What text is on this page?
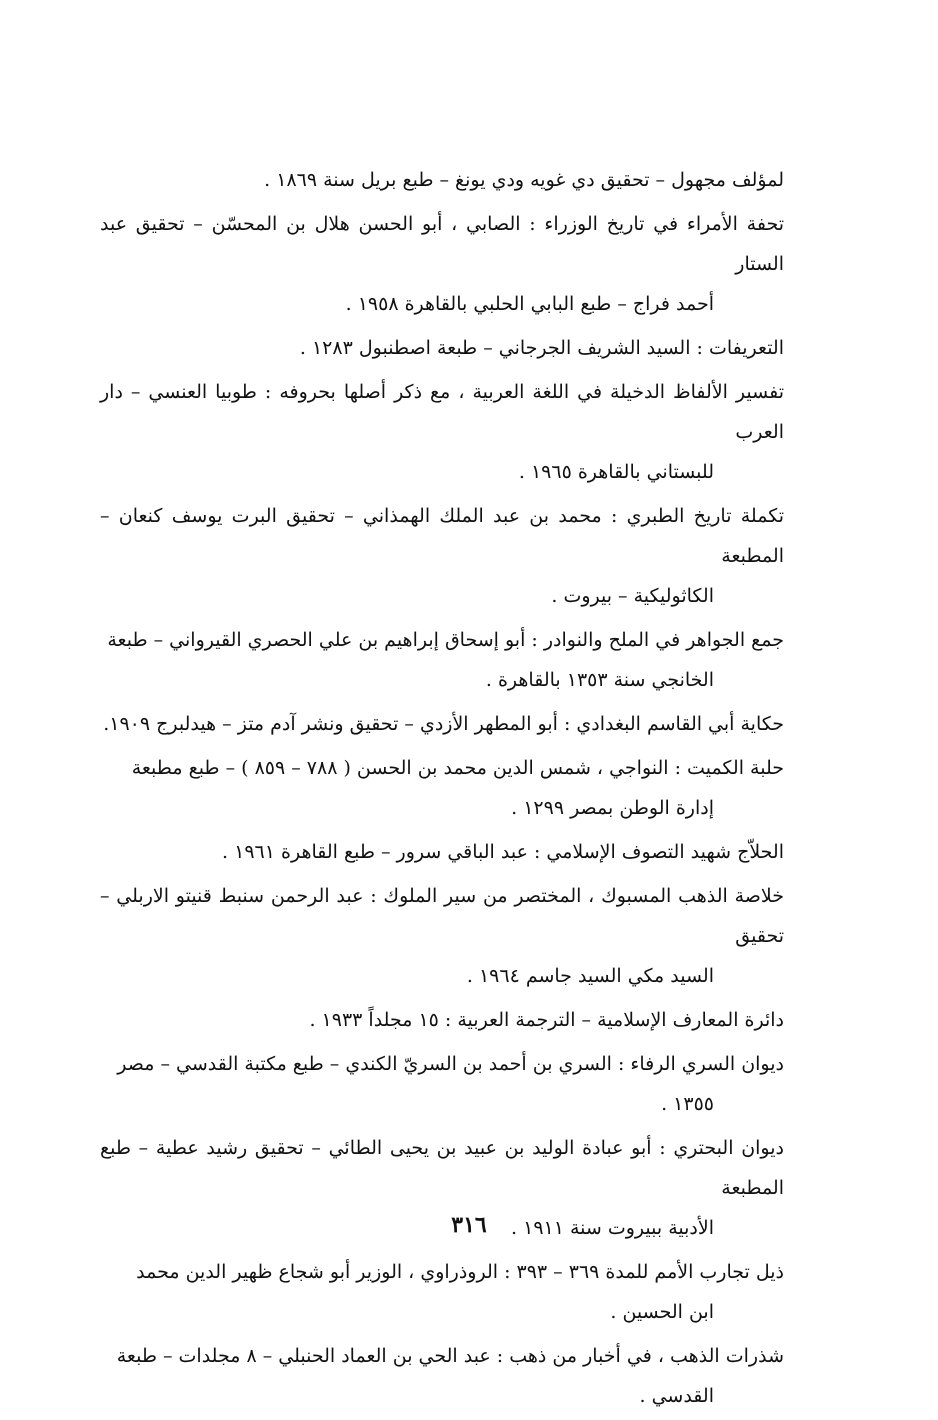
لمؤلف مجهول – تحقيق دي غويه ودي يونغ – طبع بريل سنة ١٨٦٩ .
تحفة الأمراء في تاريخ الوزراء : الصابي ، أبو الحسن هلال بن المحسّن – تحقيق عبد الستار
أحمد فراج – طبع البابي الحلبي بالقاهرة ١٩٥٨ .
التعريفات : السيد الشريف الجرجاني – طبعة اصطنبول ١٢٨٣ .
تفسير الألفاظ الدخيلة في اللغة العربية ، مع ذكر أصلها بحروفه : طوبيا العنسي – دار العرب
للبستاني بالقاهرة ١٩٦٥ .
تكملة تاريخ الطبري : محمد بن عبد الملك الهمذاني – تحقيق البرت يوسف كنعان – المطبعة
الكاثوليكية – بيروت .
جمع الجواهر في الملح والنوادر : أبو إسحاق إبراهيم بن علي الحصري القيرواني – طبعة
الخانجي سنة ١٣٥٣ بالقاهرة .
حكاية أبي القاسم البغدادي : أبو المطهر الأزدي – تحقيق ونشر آدم متز – هيدلبرج ١٩٠٩.
حلبة الكميت : النواجي ، شمس الدين محمد بن الحسن ( ٧٨٨ – ٨٥٩ ) – طبع مطبعة
إدارة الوطن بمصر ١٢٩٩ .
الحلاّج شهيد التصوف الإسلامي : عبد الباقي سرور – طبع القاهرة ١٩٦١ .
خلاصة الذهب المسبوك ، المختصر من سير الملوك : عبد الرحمن سنبط قنيتو الاربلي – تحقيق
السيد مكي السيد جاسم ١٩٦٤ .
دائرة المعارف الإسلامية – الترجمة العربية : ١٥ مجلداً ١٩٣٣ .
ديوان السري الرفاء : السري بن أحمد بن السريّ الكندي – طبع مكتبة القدسي – مصر
١٣٥٥ .
ديوان البحتري : أبو عبادة الوليد بن عبيد بن يحيى الطائي – تحقيق رشيد عطية – طبع المطبعة
الأدبية ببيروت سنة ١٩١١ .
ذيل تجارب الأمم للمدة ٣٦٩ – ٣٩٣ : الروذراوي ، الوزير أبو شجاع ظهير الدين محمد
ابن الحسين .
شذرات الذهب ، في أخبار من ذهب : عبد الحي بن العماد الحنبلي – ٨ مجلدات – طبعة
القدسي .
٣١٦
